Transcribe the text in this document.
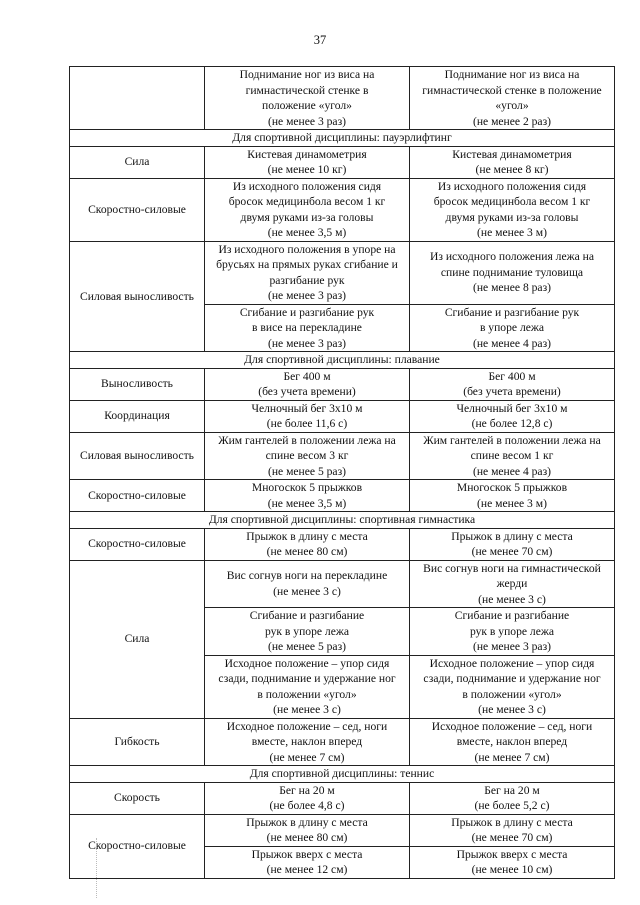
37

	Поднимание ног из виса на
гимнастической стенке в
положение «угол»
(не менее 3 раз)	Поднимание ног из виса на
гимнастической стенке в положение
«угол»
(не менее 2 раз)

Для спортивной дисциплины: пауэрлифтинг		
Сила	Кистевая динамометрия
(не менее 10 кг)	Кистевая динамометрия
(не менее 8 кг)

Скоростно-силовые	Из исходного положения сидя
бросок медицинбола весом 1 кг
двумя руками из-за головы
(не менее 3,5 м)	Из исходного положения сидя
бросок медицинбола весом 1 кг
двумя руками из-за головы
(не менее 3 м)

Силовая выносливость	Из исходного положения в упоре на
брусьях на прямых руках сгибание и
разгибание рук
(не менее 3 раз)	Из исходного положения лежа на
спине поднимание туловища
(не менее 8 раз)

	Сгибание и разгибание рук
в висе на перекладине
(не менее 3 раз)	Сгибание и разгибание рук
в упоре лежа
(не менее 4 раз)

Для спортивной дисциплины: плавание		
Выносливость	Бег 400 м
(без учета времени)	Бег 400 м
(без учета времени)

Координация	Челночный бег 3х10 м
(не более 11,6 с)	Челночный бег 3х10 м
(не более 12,8 с)

Силовая выносливость	Жим гантелей в положении лежа на
спине весом 3 кг
(не менее 5 раз)	Жим гантелей в положении лежа на
спине весом 1 кг
(не менее 4 раз)

Скоростно-силовые	Многоскок 5 прыжков
(не менее 3,5 м)	Многоскок 5 прыжков
(не менее 3 м)

Для спортивной дисциплины: спортивная гимнастика		
Скоростно-силовые	Прыжок в длину с места
(не менее 80 см)	Прыжок в длину с места
(не менее 70 см)

Сила	Вис согнув ноги на перекладине
(не менее 3 с)	Вис согнув ноги на гимнастической
жерди
(не менее 3 с)

	Сгибание и разгибание
рук в упоре лежа
(не менее 5 раз)	Сгибание и разгибание
рук в упоре лежа
(не менее 3 раз)

	Исходное положение – упор сидя
сзади, поднимание и удержание ног
в положении «угол»
(не менее 3 с)	Исходное положение – упор сидя
сзади, поднимание и удержание ног
в положении «угол»
(не менее 3 с)

Гибкость	Исходное положение – сед, ноги
вместе, наклон вперед
(не менее 7 см)	Исходное положение – сед, ноги
вместе, наклон вперед
(не менее 7 см)

Для спортивной дисциплины: теннис		
Скорость	Бег на 20 м
(не более 4,8 с)	Бег на 20 м
(не более 5,2 с)

Скоростно-силовые	Прыжок в длину с места
(не менее 80 см)	Прыжок в длину с места
(не менее 70 см)

	Прыжок вверх с места
(не менее 12 см)	Прыжок вверх с места
(не менее 10 см)
